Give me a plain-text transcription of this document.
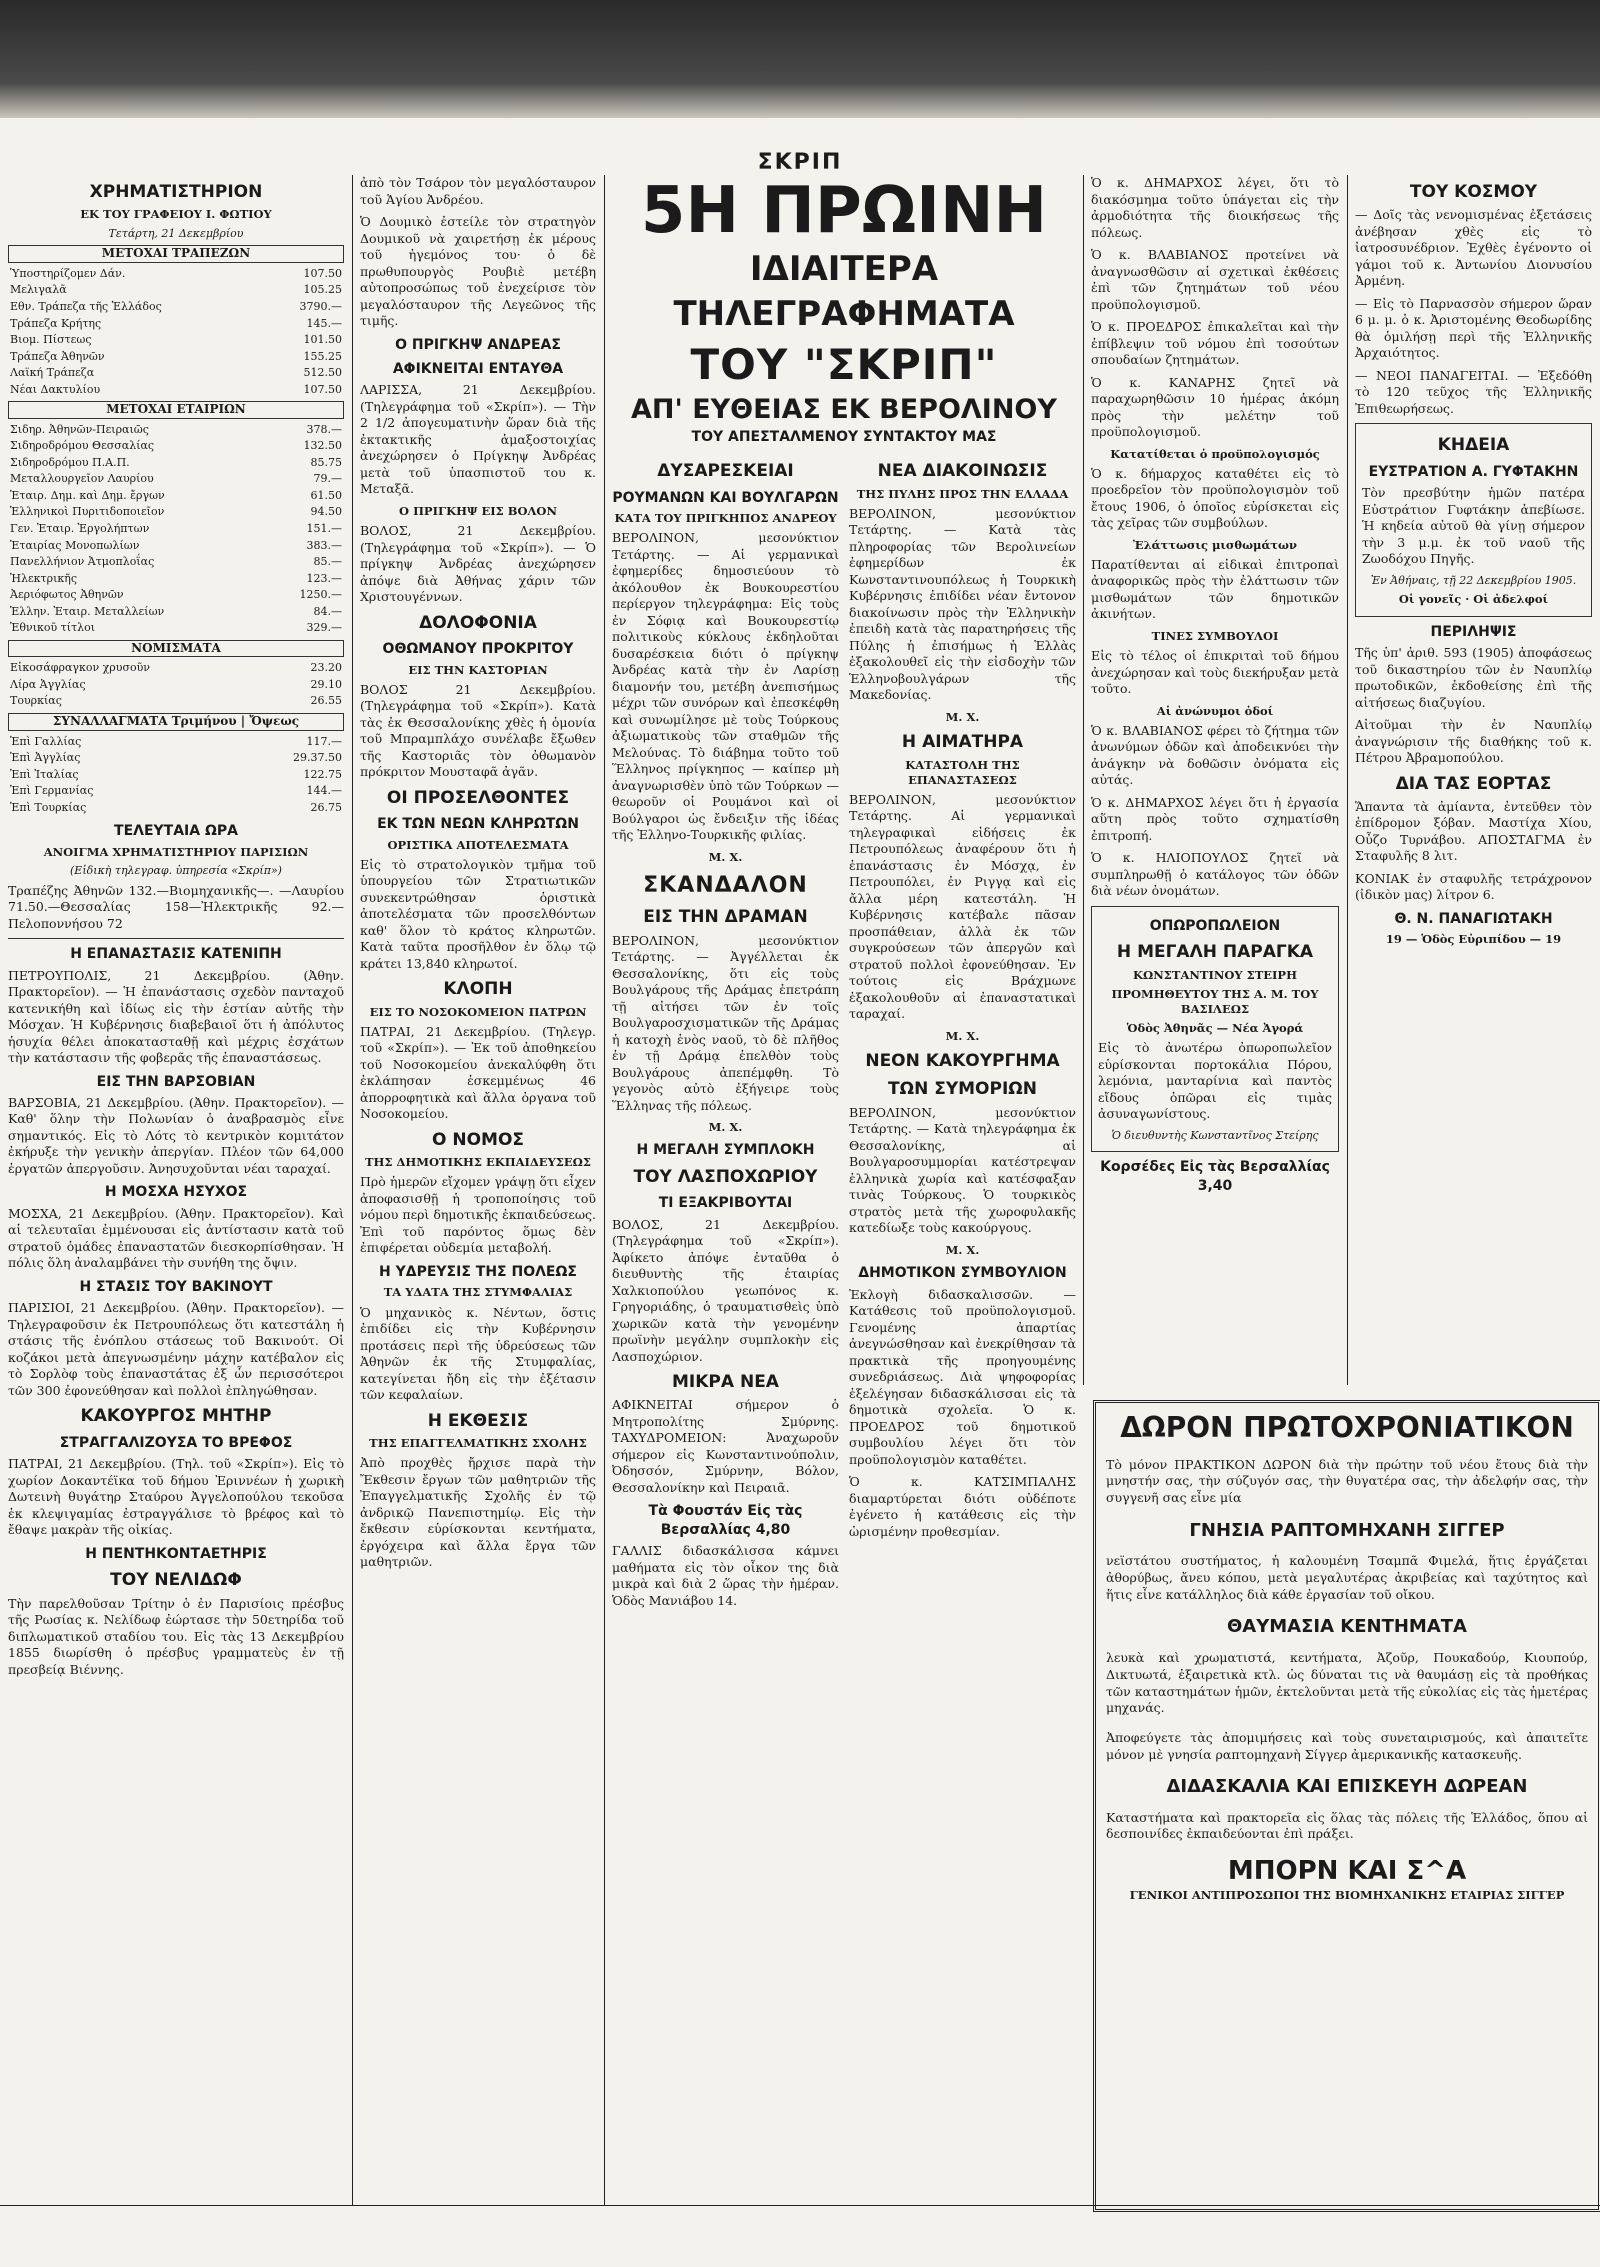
ΣΚΡΙΠ
ΧΡΗΜΑΤΙΣΤΗΡΙΟΝ
ΕΚ ΤΟΥ ΓΡΑΦΕΙΟΥ Ι. ΦΩΤΙΟΥ
Τετάρτη, 21 Δεκεμβρίου
ΜΕΤΟΧΑΙ ΤΡΑΠΕΖΩΝ
Ὑποστηρίζομεν Δάν.	107.50
Μελιγαλᾶ	105.25
Εθν. Τράπεζα τῆς Ἑλλάδος	3790.—
Τράπεζα Κρήτης	145.—
Βιομ. Πίστεως	101.50
Τράπεζα Ἀθηνῶν	155.25
Λαϊκή Τράπεζα	512.50
Νέαι Δακτυλίου	107.50
ΜΕΤΟΧΑΙ ΕΤΑΙΡΙΩΝ
Σιδηρ. Ἀθηνῶν-Πειραιῶς	378.—
Σιδηροδρόμου Θεσσαλίας	132.50
Σιδηροδρόμου Π.Α.Π.	85.75
Μεταλλουργεῖον Λαυρίου	79.—
Ἐταιρ. Δημ. καὶ Δημ. ἔργων	61.50
Ἑλληνικοὶ Πυριτιδοποιεῖον	94.50
Γεν. Ἐταιρ. Ἐργολήπτων	151.—
Ἐταιρίας Μονοπωλίων	383.—
Πανελλήνιον Ἀτμοπλοΐας	85.—
Ἠλεκτρικῆς	123.—
Ἀεριόφωτος Ἀθηνῶν	1250.—
Ἑλλην. Ἐταιρ. Μεταλλείων	84.—
Ἐθνικοῦ τίτλοι	329.—
ΝΟΜΙΣΜΑΤΑ
Εἰκοσάφραγκον χρυσοῦν	23.20
Λίρα Ἀγγλίας	29.10
Τουρκίας	26.55
ΣΥΝΑΛΛΑΓΜΑΤΑ Τριμήνου | Ὄψεως
Ἐπὶ Γαλλίας	117.—
Ἐπὶ Ἀγγλίας	29.37.50
Ἐπὶ Ἰταλίας	122.75
Ἐπὶ Γερμανίας	144.—
Ἐπὶ Τουρκίας	26.75
ΤΕΛΕΥΤΑΙΑ ΩΡΑ
ΑΝΟΙΓΜΑ ΧΡΗΜΑΤΙΣΤΗΡΙΟΥ ΠΑΡΙΣΙΩΝ
(Εἰδικὴ τηλεγραφ. ὑπηρεσία «Σκρίπ»)

Τραπέζης Ἀθηνῶν 132.—Βιομηχανικῆς—. —Λαυρίου 71.50.—Θεσσαλίας 158—Ἠλεκτρικῆς 92.— Πελοποννήσου 72

Η ΕΠΑΝΑΣΤΑΣΙΣ ΚΑΤΕΝΙΠΗ

ΠΕΤΡΟΥΠΟΛΙΣ, 21 Δεκεμβρίου. (Ἀθην. Πρακτορεῖον). — Ἡ ἐπανάστασις σχεδὸν πανταχοῦ κατενικήθη καὶ ἰδίως εἰς τὴν ἑστίαν αὐτῆς τὴν Μόσχαν. Ἡ Κυβέρνησις διαβεβαιοῖ ὅτι ἡ ἀπόλυτος ἡσυχία θέλει ἀποκατασταθῇ καὶ μέχρις ἐσχάτων τὴν κατάστασιν τῆς φοβερᾶς τῆς ἐπαναστάσεως.

ΕΙΣ ΤΗΝ ΒΑΡΣΟΒΙΑΝ

ΒΑΡΣΟΒΙΑ, 21 Δεκεμβρίου. (Ἀθην. Πρακτορεῖον). — Καθ' ὅλην τὴν Πολωνίαν ὁ ἀναβρασμὸς εἶνε σημαντικός. Εἰς τὸ Λότς τὸ κεντρικὸν κομιτάτον ἐκήρυξε τὴν γενικὴν ἀπεργίαν. Πλέον τῶν 64,000 ἐργατῶν ἀπεργοῦσιν. Ἀνησυχοῦνται νέαι ταραχαί.

Η ΜΟΣΧΑ ΗΣΥΧΟΣ

ΜΟΣΧΑ, 21 Δεκεμβρίου. (Ἀθην. Πρακτορεῖον). Καὶ αἱ τελευταῖαι ἐμμένουσαι εἰς ἀντίστασιν κατὰ τοῦ στρατοῦ ὁμάδες ἐπαναστατῶν διεσκορπίσθησαν. Ἡ πόλις ὅλη ἀναλαμβάνει τὴν συνήθη της ὄψιν.

Η ΣΤΑΣΙΣ ΤΟΥ ΒΑΚΙΝΟΥΤ

ΠΑΡΙΣΙΟΙ, 21 Δεκεμβρίου. (Ἀθην. Πρακτορεῖον). — Τηλεγραφοῦσιν ἐκ Πετρουπόλεως ὅτι κατεστάλη ἡ στάσις τῆς ἐνόπλου στάσεως τοῦ Βακινούτ. Οἱ κοζάκοι μετὰ ἀπεγνωσμένην μάχην κατέβαλον εἰς τὸ Σορλὸφ τοὺς ἐπαναστάτας ἐξ ὧν περισσότεροι τῶν 300 ἐφονεύθησαν καὶ πολλοὶ ἐπληγώθησαν.

ΚΑΚΟΥΡΓΟΣ ΜΗΤΗΡ
ΣΤΡΑΓΓΑΛΙΖΟΥΣΑ ΤΟ ΒΡΕΦΟΣ

ΠΑΤΡΑΙ, 21 Δεκεμβρίου. (Τηλ. τοῦ «Σκρίπ»). Εἰς τὸ χωρίον Δοκαντέϊκα τοῦ δήμου Ἐριννέων ἡ χωρικὴ Δωτεινὴ θυγάτηρ Σταύρου Ἀγγελοπούλου τεκοῦσα ἐκ κλεψιγαμίας ἐστραγγάλισε τὸ βρέφος καὶ τὸ ἔθαψε μακρὰν τῆς οἰκίας.

Η ΠΕΝΤΗΚΟΝΤΑΕΤΗΡΙΣ
ΤΟΥ ΝΕΛΙΔΩΦ

Τὴν παρελθοῦσαν Τρίτην ὁ ἐν Παρισίοις πρέσβυς τῆς Ρωσίας κ. Νελίδωφ ἐώρτασε τὴν 50ετηρίδα τοῦ διπλωματικοῦ σταδίου του. Εἰς τὰς 13 Δεκεμβρίου 1855 διωρίσθη ὁ πρέσβυς γραμματεὺς ἐν τῇ πρεσβείᾳ Βιέννης.

ἀπὸ τὸν Τσάρον τὸν μεγαλόσταυρον τοῦ Ἁγίου Ἀνδρέου.

Ὁ Δουμικὸ ἐστείλε τὸν στρατηγὸν Δουμικοῦ νὰ χαιρετήσῃ ἐκ μέρους τοῦ ἡγεμόνος του· ὁ δὲ πρωθυπουργὸς Ρουβιὲ μετέβη αὐτοπροσώπως τοῦ ἐνεχείρισε τὸν μεγαλόσταυρον τῆς Λεγεῶνος τῆς τιμῆς.

Ο ΠΡΙΓΚΗΨ ΑΝΔΡΕΑΣ
ΑΦΙΚΝΕΙΤΑΙ ΕΝΤΑΥΘΑ

ΛΑΡΙΣΣΑ, 21 Δεκεμβρίου. (Τηλεγράφημα τοῦ «Σκρίπ»). — Τὴν 2 1/2 ἀπογευματινὴν ὥραν διὰ τῆς ἐκτακτικῆς ἁμαξοστοιχίας ἀνεχώρησεν ὁ Πρίγκηψ Ἀνδρέας μετὰ τοῦ ὑπασπιστοῦ του κ. Μεταξᾶ.

Ο ΠΡΙΓΚΗΨ ΕΙΣ ΒΟΛΟΝ

ΒΟΛΟΣ, 21 Δεκεμβρίου. (Τηλεγράφημα τοῦ «Σκρίπ»). — Ὁ πρίγκηψ Ἀνδρέας ἀνεχώρησεν ἀπόψε διὰ Ἀθήνας χάριν τῶν Χριστουγέννων.

ΔΟΛΟΦΟΝΙΑ
ΟΘΩΜΑΝΟΥ ΠΡΟΚΡΙΤΟΥ
ΕΙΣ ΤΗΝ ΚΑΣΤΟΡΙΑΝ

ΒΟΛΟΣ 21 Δεκεμβρίου. (Τηλεγράφημα τοῦ «Σκρίπ»). Κατὰ τὰς ἐκ Θεσσαλονίκης χθὲς ἡ ὁμονία τοῦ Μπραμπλάχο συνέλαβε ἔξωθεν τῆς Καστοριᾶς τὸν ὀθωμανὸν πρόκριτον Μουσταφᾶ ἀγᾶν.

ΟΙ ΠΡΟΣΕΛΘΟΝΤΕΣ
ΕΚ ΤΩΝ ΝΕΩΝ ΚΛΗΡΩΤΩΝ
ΟΡΙΣΤΙΚΑ ΑΠΟΤΕΛΕΣΜΑΤΑ

Εἰς τὸ στρατολογικὸν τμῆμα τοῦ ὑπουργείου τῶν Στρατιωτικῶν συνεκεντρώθησαν ὁριστικὰ ἀποτελέσματα τῶν προσελθόντων καθ' ὅλον τὸ κράτος κληρωτῶν. Κατὰ ταῦτα προσῆλθον ἐν ὅλῳ τῷ κράτει 13,840 κληρωτοί.

ΚΛΟΠΗ
ΕΙΣ ΤΟ ΝΟΣΟΚΟΜΕΙΟΝ ΠΑΤΡΩΝ

ΠΑΤΡΑΙ, 21 Δεκεμβρίου. (Τηλεγρ. τοῦ «Σκρίπ»). — Ἐκ τοῦ ἀποθηκείου τοῦ Νοσοκομείου ἀνεκαλύφθη ὅτι ἐκλάπησαν ἐσκεμμένως 46 ἀπορροφητικὰ καὶ ἄλλα ὀργανα τοῦ Νοσοκομείου.

Ο ΝΟΜΟΣ
ΤΗΣ ΔΗΜΟΤΙΚΗΣ ΕΚΠΑΙΔΕΥΣΕΩΣ

Πρὸ ἡμερῶν εἴχομεν γράψῃ ὅτι εἶχεν ἀποφασισθῇ ἡ τροποποίησις τοῦ νόμου περὶ δημοτικῆς ἐκπαιδεύσεως. Ἐπὶ τοῦ παρόντος ὅμως δὲν ἐπιφέρεται οὐδεμία μεταβολή.

Η ΥΔΡΕΥΣΙΣ ΤΗΣ ΠΟΛΕΩΣ
ΤΑ ΥΔΑΤΑ ΤΗΣ ΣΤΥΜΦΑΛΙΑΣ

Ὁ μηχανικὸς κ. Νέντων, ὅστις ἐπιδίδει εἰς τὴν Κυβέρνησιν προτάσεις περὶ τῆς ὑδρεύσεως τῶν Ἀθηνῶν ἐκ τῆς Στυμφαλίας, κατεγίνεται ἤδη εἰς τὴν ἐξέτασιν τῶν κεφαλαίων.

Η ΕΚΘΕΣΙΣ
ΤΗΣ ΕΠΑΓΓΕΛΜΑΤΙΚΗΣ ΣΧΟΛΗΣ

Ἀπὸ προχθὲς ἤρχισε παρὰ τὴν Ἔκθεσιν ἔργων τῶν μαθητριῶν τῆς Ἐπαγγελματικῆς Σχολῆς ἐν τῷ ἀνδρικῷ Πανεπιστημίῳ. Εἰς τὴν ἔκθεσιν εὑρίσκονται κεντήματα, ἐργόχειρα καὶ ἄλλα ἔργα τῶν μαθητριῶν.

5Η ΠΡΩΙΝΗ
ΙΔΙΑΙΤΕΡΑ ΤΗΛΕΓΡΑΦΗΜΑΤΑ
ΤΟΥ "ΣΚΡΙΠ"
ΑΠ' ΕΥΘΕΙΑΣ ΕΚ ΒΕΡΟΛΙΝΟΥ
ΤΟΥ ΑΠΕΣΤΑΛΜΕΝΟΥ ΣΥΝΤΑΚΤΟΥ ΜΑΣ
ΔΥΣΑΡΕΣΚΕΙΑΙ
ΡΟΥΜΑΝΩΝ ΚΑΙ ΒΟΥΛΓΑΡΩΝ
ΚΑΤΑ ΤΟΥ ΠΡΙΓΚΗΠΟΣ ΑΝΔΡΕΟΥ

ΒΕΡΟΛΙΝΟΝ, μεσονύκτιον Τετάρτης. — Αἱ γερμανικαὶ ἐφημερίδες δημοσιεύουν τὸ ἀκόλουθον ἐκ Βουκουρεστίου περίεργον τηλεγράφημα: Εἰς τοὺς ἐν Σόφιᾳ καὶ Βουκουρεστίῳ πολιτικοὺς κύκλους ἐκδηλοῦται δυσαρέσκεια διότι ὁ πρίγκηψ Ἀνδρέας κατὰ τὴν ἐν Λαρίσῃ διαμονήν του, μετέβη ἀνεπισήμως μέχρι τῶν συνόρων καὶ ἐπεσκέφθη καὶ συνωμίλησε μὲ τοὺς Τούρκους ἀξιωματικοὺς τῶν σταθμῶν τῆς Μελούνας. Τὸ διάβημα τοῦτο τοῦ Ἕλληνος πρίγκηπος — καίπερ μὴ ἀναγνωρισθὲν ὑπὸ τῶν Τούρκων — θεωροῦν οἱ Ρουμάνοι καὶ οἱ Βούλγαροι ὡς ἔνδειξιν τῆς ἰδέας τῆς Ἑλληνο-Τουρκικῆς φιλίας.

Μ. Χ.
ΣΚΑΝΔΑΛΟΝ
ΕΙΣ ΤΗΝ ΔΡΑΜΑΝ

ΒΕΡΟΛΙΝΟΝ, μεσονύκτιον Τετάρτης. — Ἀγγέλλεται ἐκ Θεσσαλονίκης, ὅτι εἰς τοὺς Βουλγάρους τῆς Δράμας ἐπετράπη τῇ αἰτήσει τῶν ἐν τοῖς Βουλγαροσχισματικῶν τῆς Δράμας ἡ κατοχὴ ἑνὸς ναοῦ, τὸ δὲ πλῆθος ἐν τῇ Δράμᾳ ἐπελθὸν τοὺς Βουλγάρους ἀπεπέμφθη. Τὸ γεγονὸς αὐτὸ ἐξήγειρε τοὺς Ἕλληνας τῆς πόλεως.

Μ. Χ.
Η ΜΕΓΑΛΗ ΣΥΜΠΛΟΚΗ
ΤΟΥ ΛΑΣΠΟΧΩΡΙΟΥ
ΤΙ ΕΞΑΚΡΙΒΟΥΤΑΙ

ΒΟΛΟΣ, 21 Δεκεμβρίου. (Τηλεγράφημα τοῦ «Σκρίπ»). Ἀφίκετο ἀπόψε ἐνταῦθα ὁ διευθυντὴς τῆς ἑταιρίας Χαλκιοπούλου γεωπόνος κ. Γρηγοριάδης, ὁ τραυματισθεὶς ὑπὸ χωρικῶν κατὰ τὴν γενομένην πρωϊνὴν μεγάλην συμπλοκὴν εἰς Λασποχώριον.

ΜΙΚΡΑ ΝΕΑ

ΑΦΙΚΝΕΙΤΑΙ σήμερον ὁ Μητροπολίτης Σμύρνης. ΤΑΧΥΔΡΟΜΕΙΟΝ: Ἀναχωροῦν σήμερον εἰς Κωνσταντινούπολιν, Ὀδησσόν, Σμύρνην, Βόλον, Θεσσαλονίκην καὶ Πειραιᾶ.

Τὰ Φουστάν Εἰς τὰς Βερσαλλίας 4,80

ΓΑΛΛΙΣ διδασκάλισσα κάμνει μαθήματα εἰς τὸν οἶκον της διὰ μικρὰ καὶ διὰ 2 ὥρας τὴν ἡμέραν. Ὁδὸς Μανιάβου 14.

ΝΕΑ ΔΙΑΚΟΙΝΩΣΙΣ
ΤΗΣ ΠΥΛΗΣ ΠΡΟΣ ΤΗΝ ΕΛΛΑΔΑ

ΒΕΡΟΛΙΝΟΝ, μεσονύκτιον Τετάρτης. — Κατὰ τὰς πληροφορίας τῶν Βερολινείων ἐφημερίδων ἐκ Κωνσταντινουπόλεως ἡ Τουρκικὴ Κυβέρνησις ἐπιδίδει νέαν ἔντονον διακοίνωσιν πρὸς τὴν Ἑλληνικὴν ἐπειδὴ κατὰ τὰς παρατηρήσεις τῆς Πύλης ἡ ἐπισήμως ἡ Ἑλλὰς ἐξακολουθεῖ εἰς τὴν εἰσδοχὴν τῶν Ἑλληνοβουλγάρων τῆς Μακεδονίας.

Μ. Χ.
Η ΑΙΜΑΤΗΡΑ
ΚΑΤΑΣΤΟΛΗ ΤΗΣ ΕΠΑΝΑΣΤΑΣΕΩΣ

ΒΕΡΟΛΙΝΟΝ, μεσονύκτιον Τετάρτης. Αἱ γερμανικαὶ τηλεγραφικαὶ εἰδήσεις ἐκ Πετρουπόλεως ἀναφέρουν ὅτι ἡ ἐπανάστασις ἐν Μόσχᾳ, ἐν Πετρουπόλει, ἐν Ριγγᾳ καὶ εἰς ἄλλα μέρη κατεστάλη. Ἡ Κυβέρνησις κατέβαλε πᾶσαν προσπάθειαν, ἀλλὰ ἐκ τῶν συγκρούσεων τῶν ἀπεργῶν καὶ στρατοῦ πολλοὶ ἐφονεύθησαν. Ἐν τούτοις εἰς Βράχμωνε ἐξακολουθοῦν αἱ ἐπαναστατικαὶ ταραχαί.

Μ. Χ.
ΝΕΟΝ ΚΑΚΟΥΡΓΗΜΑ
ΤΩΝ ΣΥΜΟΡΙΩΝ

ΒΕΡΟΛΙΝΟΝ, μεσονύκτιον Τετάρτης. — Κατὰ τηλεγράφημα ἐκ Θεσσαλονίκης, αἱ Βουλγαροσυμμορίαι κατέστρεψαν ἑλληνικὰ χωρία καὶ κατέσφαξαν τινὰς Τούρκους. Ὁ τουρκικὸς στρατὸς μετὰ τῆς χωροφυλακῆς κατεδίωξε τοὺς κακούργους.

Μ. Χ.
ΔΗΜΟΤΙΚΟΝ ΣΥΜΒΟΥΛΙΟΝ

Ἐκλογὴ διδασκαλισσῶν. — Κατάθεσις τοῦ προϋπολογισμοῦ. Γενομένης ἀπαρτίας ἀνεγνώσθησαν καὶ ἐνεκρίθησαν τὰ πρακτικὰ τῆς προηγουμένης συνεδριάσεως. Διὰ ψηφοφορίας ἐξελέγησαν διδασκάλισσαι εἰς τὰ δημοτικὰ σχολεῖα. Ὁ κ. ΠΡΟΕΔΡΟΣ τοῦ δημοτικοῦ συμβουλίου λέγει ὅτι τὸν προϋπολογισμὸν καταθέτει.

Ὁ κ. ΚΑΤΣΙΜΠΑΛΗΣ διαμαρτύρεται διότι οὐδέποτε ἐγένετο ἡ κατάθεσις εἰς τὴν ὡρισμένην προθεσμίαν.

Ὁ κ. ΔΗΜΑΡΧΟΣ λέγει, ὅτι τὸ διακόσμημα τοῦτο ὑπάγεται εἰς τὴν ἀρμοδιότητα τῆς διοικήσεως τῆς πόλεως.

Ὁ κ. ΒΛΑΒΙΑΝΟΣ προτείνει νὰ ἀναγνωσθῶσιν αἱ σχετικαὶ ἐκθέσεις ἐπὶ τῶν ζητημάτων τοῦ νέου προϋπολογισμοῦ.

Ὁ κ. ΠΡΟΕΔΡΟΣ ἐπικαλεῖται καὶ τὴν ἐπίβλεψιν τοῦ νόμου ἐπὶ τοσούτων σπουδαίων ζητημάτων.

Ὁ κ. ΚΑΝΑΡΗΣ ζητεῖ νὰ παραχωρηθῶσιν 10 ἡμέρας ἀκόμη πρὸς τὴν μελέτην τοῦ προϋπολογισμοῦ.

Κατατίθεται ὁ προϋπολογισμός

Ὁ κ. δήμαρχος καταθέτει εἰς τὸ προεδρεῖον τὸν προϋπολογισμὸν τοῦ ἔτους 1906, ὁ ὁποῖος εὑρίσκεται εἰς τὰς χεῖρας τῶν συμβούλων.

Ἐλάττωσις μισθωμάτων

Παρατίθενται αἱ εἰδικαὶ ἐπιτροπαὶ ἀναφορικῶς πρὸς τὴν ἐλάττωσιν τῶν μισθωμάτων τῶν δημοτικῶν ἀκινήτων.

ΤΙΝΕΣ ΣΥΜΒΟΥΛΟΙ

Εἰς τὸ τέλος οἱ ἐπικριταὶ τοῦ δήμου ἀνεχώρησαν καὶ τοὺς διεκήρυξαν μετὰ τοῦτο.

Αἱ ἀνώνυμοι ὁδοί

Ὁ κ. ΒΛΑΒΙΑΝΟΣ φέρει τὸ ζήτημα τῶν ἀνωνύμων ὁδῶν καὶ ἀποδεικνύει τὴν ἀνάγκην νὰ δοθῶσιν ὀνόματα εἰς αὐτάς.

Ὁ κ. ΔΗΜΑΡΧΟΣ λέγει ὅτι ἡ ἐργασία αὕτη πρὸς τοῦτο σχηματίσθη ἐπιτροπή.

Ὁ κ. ΗΛΙΟΠΟΥΛΟΣ ζητεῖ νὰ συμπληρωθῇ ὁ κατάλογος τῶν ὁδῶν διὰ νέων ὀνομάτων.

ΟΠΩΡΟΠΩΛΕΙΟΝ
Η ΜΕΓΑΛΗ ΠΑΡΑΓΚΑ
ΚΩΝΣΤΑΝΤΙΝΟΥ ΣΤΕΙΡΗ
ΠΡΟΜΗΘΕΥΤΟΥ ΤΗΣ Α. Μ. ΤΟΥ ΒΑΣΙΛΕΩΣ
Ὁδὸς Ἀθηνᾶς — Νέα Ἀγορά

Εἰς τὸ ἀνωτέρω ὀπωροπωλεῖον εὑρίσκονται πορτοκάλια Πόρου, λεμόνια, μανταρίνια καὶ παντὸς εἴδους ὀπῶραι εἰς τιμὰς ἀσυναγωνίστους.

Ὁ διευθυντὴς Κωνσταντῖνος Στείρης
Κορσέδες Εἰς τὰς Βερσαλλίας 3,40
ΤΟΥ ΚΟΣΜΟΥ

— Δοῖς τὰς νενομισμένας ἐξετάσεις ἀνέβησαν χθὲς εἰς τὸ ἰατροσυνέδριον. Ἐχθὲς ἐγένοντο οἱ γάμοι τοῦ κ. Ἀντωνίου Διονυσίου Ἀρμένη.

— Εἰς τὸ Παρνασσὸν σήμερον ὥραν 6 μ. μ. ὁ κ. Ἀριστομένης Θεοδωρίδης θὰ ὁμιλήσῃ περὶ τῆς Ἑλληνικῆς Ἀρχαιότητος.

— ΝΕΟΙ ΠΑΝΑΓΕΙΤΑΙ. — Ἐξεδόθη τὸ 120 τεῦχος τῆς Ἑλληνικῆς Ἐπιθεωρήσεως.

ΚΗΔΕΙΑ
ΕΥΣΤΡΑΤΙΟΝ Α. ΓΥΦΤΑΚΗΝ

Τὸν πρεσβύτην ἡμῶν πατέρα Εὐστράτιον Γυφτάκην ἀπεβίωσε. Ἡ κηδεία αὐτοῦ θὰ γίνῃ σήμερον τὴν 3 μ.μ. ἐκ τοῦ ναοῦ τῆς Ζωοδόχου Πηγῆς.

Ἐν Ἀθήναις, τῇ 22 Δεκεμβρίου 1905.
Οἱ γονεῖς · Οἱ ἀδελφοί
ΠΕΡΙΛΗΨΙΣ

Τῆς ὑπ' ἀριθ. 593 (1905) ἀποφάσεως τοῦ δικαστηρίου τῶν ἐν Ναυπλίῳ πρωτοδικῶν, ἐκδοθείσης ἐπὶ τῆς αἰτήσεως διαζυγίου.

Αἰτοῦμαι τὴν ἐν Ναυπλίῳ ἀναγνώρισιν τῆς διαθήκης τοῦ κ. Πέτρου Ἀβραμοπούλου.

ΔΙΑ ΤΑΣ ΕΟΡΤΑΣ

Ἅπαντα τὰ ἀμίαντα, ἐντεῦθεν τὸν ἐπίδρομον ξόβαν. Μαστίχα Χίου, Οὖζο Τυρνάβου. ΑΠΟΣΤΑΓΜΑ ἐν Σταφυλῆς 8 λιτ.

ΚΟΝΙΑΚ ἐν σταφυλῆς τετράχρονον (ἰδικὸν μας) λίτρον 6.

Θ. Ν. ΠΑΝΑΓΙΩΤΑΚΗ
19 — Ὁδὸς Εὐριπίδου — 19
ΔΩΡΟΝ ΠΡΩΤΟΧΡΟΝΙΑΤΙΚΟΝ

Τὸ μόνον ΠΡΑΚΤΙΚΟΝ ΔΩΡΟΝ διὰ τὴν πρώτην τοῦ νέου ἔτους διὰ τὴν μνηστήν σας, τὴν σύζυγόν σας, τὴν θυγατέρα σας, τὴν ἀδελφήν σας, τὴν συγγενῆ σας εἶνε μία

ΓΝΗΣΙΑ ΡΑΠΤΟΜΗΧΑΝΗ ΣΙΓΓΕΡ

νεϊστάτου συστήματος, ἡ καλουμένη Τσαμπᾶ Φιμελά, ἥτις ἐργάζεται ἀθορύβως, ἄνευ κόπου, μετὰ μεγαλυτέρας ἀκριβείας καὶ ταχύτητος καὶ ἥτις εἶνε κατάλληλος διὰ κάθε ἐργασίαν τοῦ οἴκου.

ΘΑΥΜΑΣΙΑ ΚΕΝΤΗΜΑΤΑ

λευκὰ καὶ χρωματιστά, κεντήματα, Ἀζοῦρ, Πουκαδούρ, Κιουπούρ, Δικτυωτά, ἐξαιρετικὰ κτλ. ὡς δύναται τις νὰ θαυμάσῃ εἰς τὰ προθήκας τῶν καταστημάτων ἡμῶν, ἐκτελοῦνται μετὰ τῆς εὐκολίας εἰς τὰς ἡμετέρας μηχανάς.

Ἀποφεύγετε τὰς ἀπομιμήσεις καὶ τοὺς συνεταιρισμούς, καὶ ἀπαιτεῖτε μόνον μὲ γνησία ραπτομηχανὴ Σίγγερ ἀμερικανικῆς κατασκευῆς.

ΔΙΔΑΣΚΑΛΙΑ ΚΑΙ ΕΠΙΣΚΕΥΗ ΔΩΡΕΑΝ

Καταστήματα καὶ πρακτορεῖα εἰς ὅλας τὰς πόλεις τῆς Ἑλλάδος, ὅπου αἱ δεσποινίδες ἐκπαιδεύονται ἐπὶ πράξει.

ΜΠΟΡΝ ΚΑΙ Σ^Α
ΓΕΝΙΚΟΙ ΑΝΤΙΠΡΟΣΩΠΟΙ ΤΗΣ ΒΙΟΜΗΧΑΝΙΚΗΣ ΕΤΑΙΡΙΑΣ ΣΙΓΓΕΡ
